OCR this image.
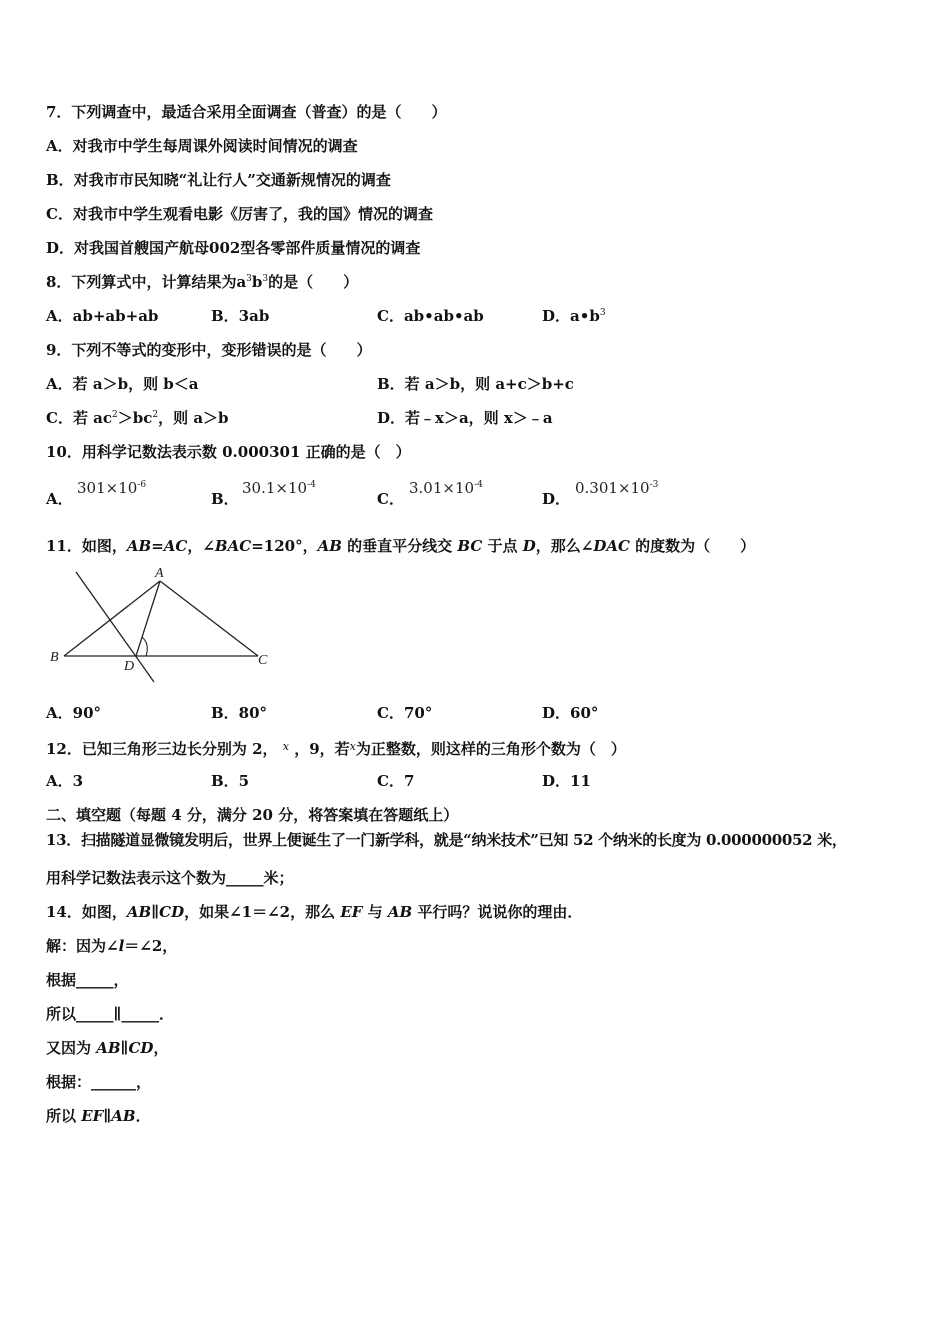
7．下列调查中，最适合采用全面调查（普查）的是（　　）
A．对我市中学生每周课外阅读时间情况的调查
B．对我市市民知晓“礼让行人”交通新规情况的调查
C．对我市中学生观看电影《厉害了，我的国》情况的调查
D．对我国首艘国产航母002型各零部件质量情况的调查
8．下列算式中，计算结果为$a^3b^3$的是（　　）
A．ab+ab+ab	B．3ab	C．ab•ab•ab	D．$a•b^3$
9．下列不等式的变形中，变形错误的是（　　）
A．若 a＞b，则 b＜a	B．若 a＞b，则 a+c＞b+c
C．若 $ac^2>bc^2$，则 a＞b	D．若﹣x＞a，则 x＞﹣a
10．用科学记数法表示数 0.000301 正确的是（　）
A．
$301\times 10^{-6}$
B．
$30.1\times 10^{-4}$
C．
$3.01\times 10^{-4}$
D．
$0.301\times 10^{-3}$
11．如图，AB=AC，∠BAC=120°，AB 的垂直平分线交 BC 于点 D，那么∠DAC 的度数为（　　）
A
B	C
D
A．90°	B．80°	C．70°	D．60°
12．已知三角形三边长分别为 2， $^x$ ，9，若$^x$为正整数，则这样的三角形个数为（　）
A．3	B．5	C．7	D．11
二、填空题（每题 4 分，满分 20 分，将答案填在答题纸上）
13．扫描隧道显微镜发明后，世界上便诞生了一门新学科，就是“纳米技术”已知 52 个纳米的长度为 0.000000052 米，
用科学记数法表示这个数为_____米；
14．如图，AB∥CD，如果∠1＝∠2，那么 EF 与 AB 平行吗？说说你的理由．
解：因为∠l＝∠2，
根据_____，
所以_____∥_____．
又因为 AB∥CD，
根据：______，
所以 EF∥AB．
